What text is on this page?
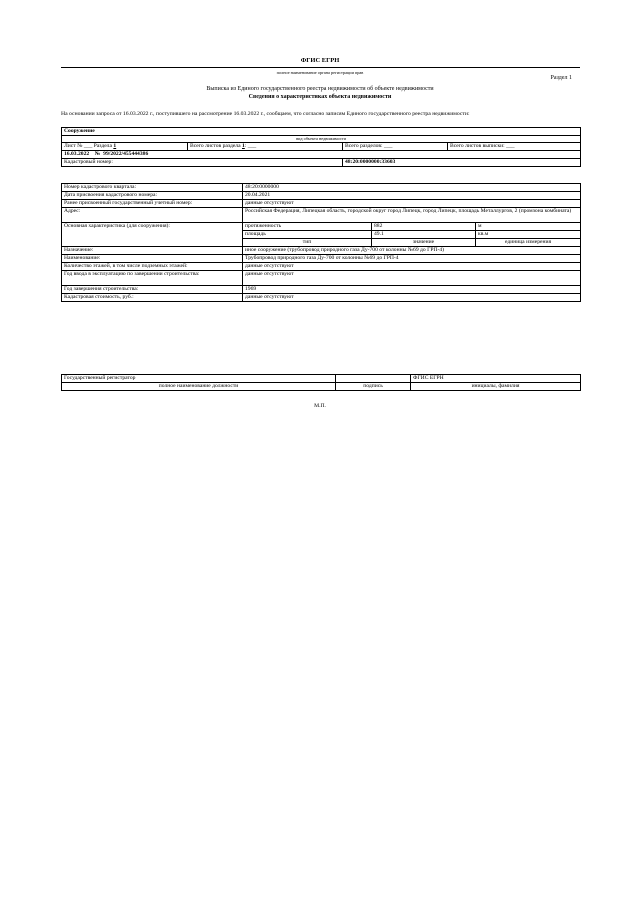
ФГИС ЕГРН
полное наименование органа регистрации прав
Раздел 1
Выписка из Единого государственного реестра недвижимости об объекте недвижимости
Сведения о характеристиках объекта недвижимости
На основании запроса от 16.03.2022 г., поступившего на рассмотрение 16.03.2022 г., сообщаем, что согласно записям Единого государственного реестра недвижимости:
Сооружение			
вид объекта недвижимости			
Лист № ___ Раздела 1	Всего листов раздела 1: ___	Всего разделов: ___	Всего листов выписки: ___
16.03.2022    №  99/2022/455444386			
Кадастровый номер:		48:20:0000000:33603	
Номер кадастрового квартала:	48:20:0000000		
Дата присвоения кадастрового номера:	20.04.2021		
Ранее присвоенный государственный учетный номер:	данные отсутствуют		
Адрес:	Российская Федерация, Липецкая область, городской округ город Липецк, город Липецк, площадь Металлургов, 2 (промзона комбината)		
Основная характеристика (для сооружения):	протяженность	882	м
	площадь	49.1	кв.м
	тип	значение	единица измерения
Назначение:	иное сооружение (трубопровод природного газа Ду-700 от колонны №69 до ГРП-4)		
Наименование:	Трубопровод природного газа Ду-700 от колонны №69 до ГРП-4		
Количество этажей, в том числе подземных этажей:	данные отсутствуют		
Год ввода в эксплуатацию по завершении строительства:	данные отсутствуют		
Год завершения строительства:	1969		
Кадастровая стоимость, руб.:	данные отсутствуют		
Государственный регистратор		ФГИС ЕГРН
полное наименование должности	подпись	инициалы, фамилия
М.П.
